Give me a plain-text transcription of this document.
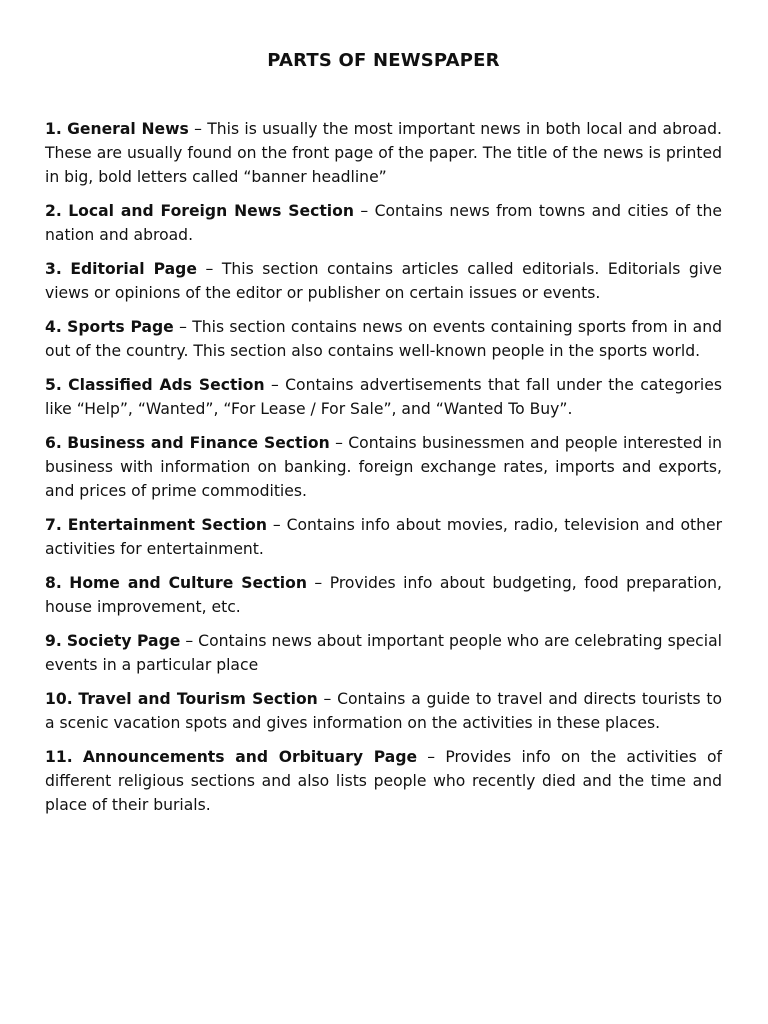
PARTS OF NEWSPAPER
1. General News – This is usually the most important news in both local and abroad. These are usually found on the front page of the paper. The title of the news is printed in big, bold letters called “banner headline”
2. Local and Foreign News Section – Contains news from towns and cities of the nation and abroad.
3. Editorial Page – This section contains articles called editorials. Editorials give views or opinions of the editor or publisher on certain issues or events.
4. Sports Page – This section contains news on events containing sports from in and out of the country. This section also contains well-known people in the sports world.
5. Classified Ads Section – Contains advertisements that fall under the categories like “Help”, “Wanted”, “For Lease / For Sale”, and “Wanted To Buy”.
6. Business and Finance Section – Contains businessmen and people interested in business with information on banking. foreign exchange rates, imports and exports, and prices of prime commodities.
7. Entertainment Section – Contains info about movies, radio, television and other activities for entertainment.
8. Home and Culture Section – Provides info about budgeting, food preparation, house improvement, etc.
9. Society Page – Contains news about important people who are celebrating special events in a particular place
10. Travel and Tourism Section – Contains a guide to travel and directs tourists to a scenic vacation spots and gives information on the activities in these places.
11. Announcements and Orbituary Page – Provides info on the activities of different religious sections and also lists people who recently died and the time and place of their burials.
